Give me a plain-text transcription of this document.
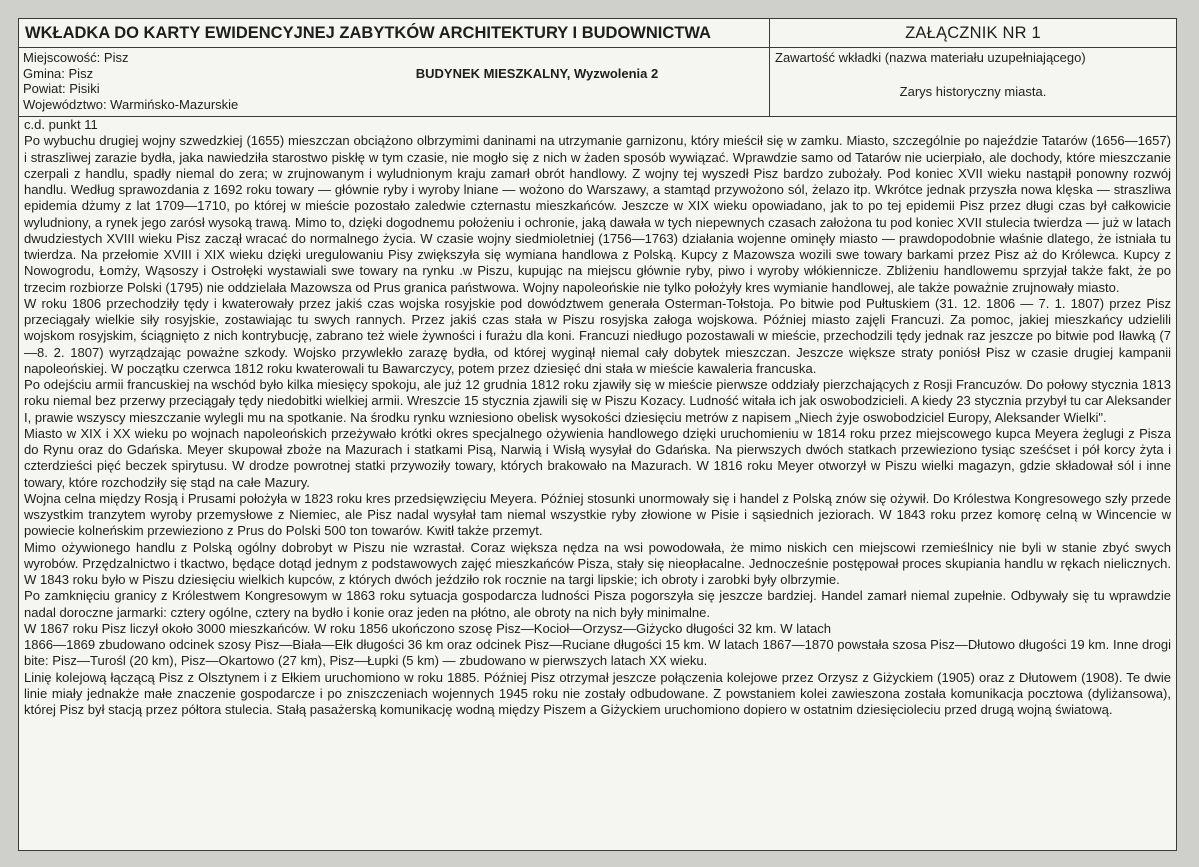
WKŁADKA DO KARTY EWIDENCYJNEJ ZABYTKÓW ARCHITEKTURY I BUDOWNICTWA	ZAŁĄCZNIK NR 1
Miejscowość: Pisz
Gmina: Pisz
Powiat: Pisiki
Województwo: Warmińsko-Mazurskie
BUDYNEK MIESZKALNY, Wyzwolenia 2
Zawartość wkładki (nazwa materiału uzupełniającego)
Zarys historyczny miasta.

c.d. punkt 11

Po wybuchu drugiej wojny szwedzkiej (1655) mieszczan obciążono olbrzymimi daninami na utrzymanie garnizonu, który mieścił się w zamku. Miasto, szczególnie po najeździe Tatarów (1656—1657) i straszliwej zarazie bydła, jaka nawiedziła starostwo piskłę w tym czasie, nie mogło się z nich w żaden sposób wywiązać. Wprawdzie samo od Tatarów nie ucierpiało, ale dochody, które mieszczanie czerpali z handlu, spadły niemal do zera; w zrujnowanym i wyludnionym kraju zamarł obrót handlowy. Z wojny tej wyszedł Pisz bardzo zubożały. Pod koniec XVII wieku nastąpił ponowny rozwój handlu. Według sprawozdania z 1692 roku towary — głównie ryby i wyroby lniane — wożono do Warszawy, a stamtąd przywożono sól, żelazo itp. Wkrótce jednak przyszła nowa klęska — straszliwa epidemia dżumy z lat 1709—1710, po której w mieście pozostało zaledwie czternastu mieszkańców. Jeszcze w XIX wieku opowiadano, jak to po tej epidemii Pisz przez długi czas był całkowicie wyludniony, a rynek jego zarósł wysoką trawą. Mimo to, dzięki dogodnemu położeniu i ochronie, jaką dawała w tych niepewnych czasach założona tu pod koniec XVII stulecia twierdza — już w latach dwudziestych XVIII wieku Pisz zaczął wracać do normalnego życia. W czasie wojny siedmioletniej (1756—1763) działania wojenne ominęły miasto — prawdopodobnie właśnie dlatego, że istniała tu twierdza. Na przełomie XVIII i XIX wieku dzięki uregulowaniu Pisy zwiększyła się wymiana handlowa z Polską. Kupcy z Mazowsza wozili swe towary barkami przez Pisz aż do Królewca. Kupcy z Nowogrodu, Łomży, Wąsoszy i Ostrołęki wystawiali swe towary na rynku .w Piszu, kupując na miejscu głównie ryby, piwo i wyroby włókiennicze. Zbliżeniu handlowemu sprzyjał także fakt, że po trzecim rozbiorze Polski (1795) nie oddzielała Mazowsza od Prus granica państwowa. Wojny napoleońskie nie tylko położyły kres wymianie handlowej, ale także poważnie zrujnowały miasto.

W roku 1806 przechodziły tędy i kwaterowały przez jakiś czas wojska rosyjskie pod dowództwem generała Osterman-Tołstoja. Po bitwie pod Pułtuskiem (31. 12. 1806 — 7. 1. 1807) przez Pisz przeciągały wielkie siły rosyjskie, zostawiając tu swych rannych. Przez jakiś czas stała w Piszu rosyjska załoga wojskowa. Później miasto zajęli Francuzi. Za pomoc, jakiej mieszkańcy udzielili wojskom rosyjskim, ściągnięto z nich kontrybucję, zabrano też wiele żywności i furażu dla koni. Francuzi niedługo pozostawali w mieście, przechodzili tędy jednak raz jeszcze po bitwie pod Iławką (7—8. 2. 1807) wyrządzając poważne szkody. Wojsko przywlekło zarazę bydła, od której wyginął niemal cały dobytek mieszczan. Jeszcze większe straty poniósł Pisz w czasie drugiej kampanii napoleońskiej. W początku czerwca 1812 roku kwaterowali tu Bawarczycy, potem przez dziesięć dni stała w mieście kawaleria francuska.

Po odejściu armii francuskiej na wschód było kilka miesięcy spokoju, ale już 12 grudnia 1812 roku zjawiły się w mieście pierwsze oddziały pierzchających z Rosji Francuzów. Do połowy stycznia 1813 roku niemal bez przerwy przeciągały tędy niedobitki wielkiej armii. Wreszcie 15 stycznia zjawili się w Piszu Kozacy. Ludność witała ich jak oswobodzicieli. A kiedy 23 stycznia przybył tu car Aleksander I, prawie wszyscy mieszczanie wylegli mu na spotkanie. Na środku rynku wzniesiono obelisk wysokości dziesięciu metrów z napisem „Niech żyje oswobodziciel Europy, Aleksander Wielki".

Miasto w XIX i XX wieku po wojnach napoleońskich przeżywało krótki okres specjalnego ożywienia handlowego dzięki uruchomieniu w 1814 roku przez miejscowego kupca Meyera żeglugi z Pisza do Rynu oraz do Gdańska. Meyer skupował zboże na Mazurach i statkami Pisą, Narwią i Wisłą wysyłał do Gdańska. Na pierwszych dwóch statkach przewieziono tysiąc sześćset i pół korcy żyta i czterdzieści pięć beczek spirytusu. W drodze powrotnej statki przywoziły towary, których brakowało na Mazurach. W 1816 roku Meyer otworzył w Piszu wielki magazyn, gdzie składował sól i inne towary, które rozchodziły się stąd na całe Mazury.

Wojna celna między Rosją i Prusami położyła w 1823 roku kres przedsięwzięciu Meyera. Później stosunki unormowały się i handel z Polską znów się ożywił. Do Królestwa Kongresowego szły przede wszystkim tranzytem wyroby przemysłowe z Niemiec, ale Pisz nadal wysyłał tam niemal wszystkie ryby złowione w Pisie i sąsiednich jeziorach. W 1843 roku przez komorę celną w Wincencie w powiecie kolneńskim przewieziono z Prus do Polski 500 ton towarów. Kwitł także przemyt.

Mimo ożywionego handlu z Polską ogólny dobrobyt w Piszu nie wzrastał. Coraz większa nędza na wsi powodowała, że mimo niskich cen miejscowi rzemieślnicy nie byli w stanie zbyć swych wyrobów. Przędzalnictwo i tkactwo, będące dotąd jednym z podstawowych zajęć mieszkańców Pisza, stały się nieopłacalne. Jednocześnie postępował proces skupiania handlu w rękach nielicznych. W 1843 roku było w Piszu dziesięciu wielkich kupców, z których dwóch jeździło rok rocznie na targi lipskie; ich obroty i zarobki były olbrzymie.

Po zamknięciu granicy z Królestwem Kongresowym w 1863 roku sytuacja gospodarcza ludności Pisza pogorszyła się jeszcze bardziej. Handel zamarł niemal zupełnie. Odbywały się tu wprawdzie nadal doroczne jarmarki: cztery ogólne, cztery na bydło i konie oraz jeden na płótno, ale obroty na nich były minimalne.

W 1867 roku Pisz liczył około 3000 mieszkańców. W roku 1856 ukończono szosę Pisz—Kocioł—Orzysz—Giżycko długości 32 km. W latach

1866—1869 zbudowano odcinek szosy Pisz—Biała—Ełk długości 36 km oraz odcinek Pisz—Ruciane długości 15 km. W latach 1867—1870 powstała szosa Pisz—Dłutowo długości 19 km. Inne drogi bite: Pisz—Turośl (20 km), Pisz—Okartowo (27 km), Pisz—Łupki (5 km) — zbudowano w pierwszych latach XX wieku.

Linię kolejową łączącą Pisz z Olsztynem i z Ełkiem uruchomiono w roku 1885. Później Pisz otrzymał jeszcze połączenia kolejowe przez Orzysz z Giżyckiem (1905) oraz z Dłutowem (1908). Te dwie linie miały jednakże małe znaczenie gospodarcze i po zniszczeniach wojennych 1945 roku nie zostały odbudowane. Z powstaniem kolei zawieszona została komunikacja pocztowa (dyliżansowa), której Pisz był stacją przez półtora stulecia. Stałą pasażerską komunikację wodną między Piszem a Giżyckiem uruchomiono dopiero w ostatnim dziesięcioleciu przed drugą wojną światową.
